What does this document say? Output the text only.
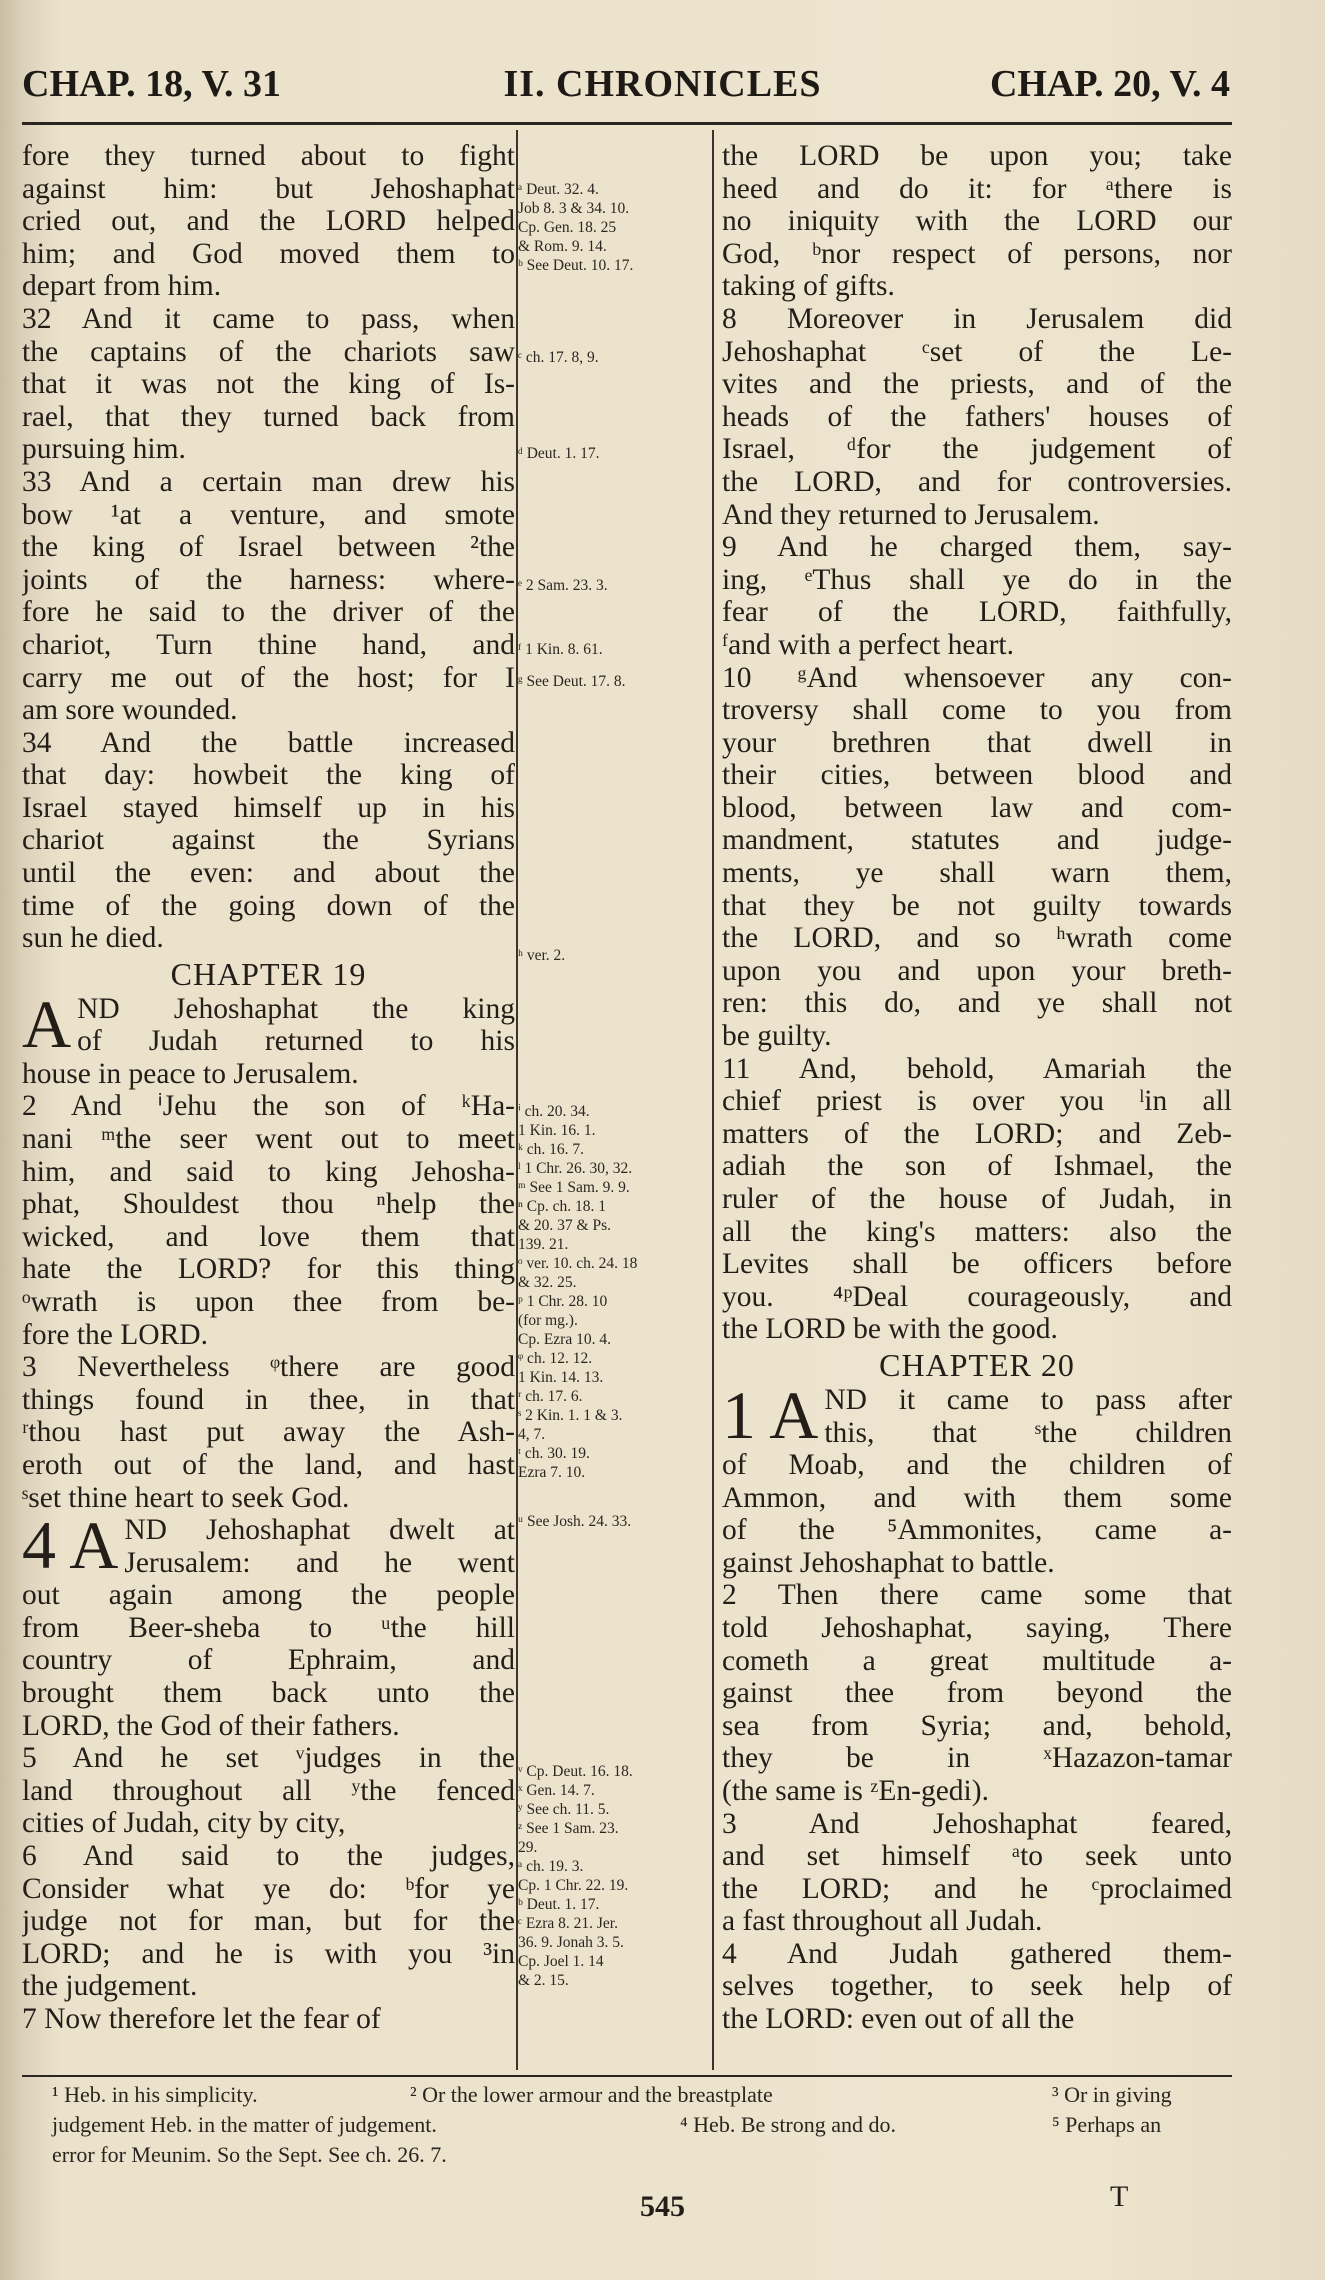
CHAP. 18, V. 31	II. CHRONICLES	CHAP. 20, V. 4
fore they turned about to fight
against him: but Jehoshaphat
cried out, and the LORD helped
him; and God moved them to
depart from him.
32 And it came to pass, when
the captains of the chariots saw
that it was not the king of Is-
rael, that they turned back from
pursuing him.
33 And a certain man drew his
bow ¹at a venture, and smote
the king of Israel between ²the
joints of the harness: where-
fore he said to the driver of the
chariot, Turn thine hand, and
carry me out of the host; for I
am sore wounded.
34 And the battle increased
that day: howbeit the king of
Israel stayed himself up in his
chariot against the Syrians
until the even: and about the
time of the going down of the
sun he died.
CHAPTER 19
A ND Jehoshaphat the king
of Judah returned to his
house in peace to Jerusalem.
2 And ⁱJehu the son of ᵏHa-
nani ᵐthe seer went out to meet
him, and said to king Jehosha-
phat, Shouldest thou ⁿhelp the
wicked, and love them that
hate the LORD? for this thing
ᵒwrath is upon thee from be-
fore the LORD.
3 Nevertheless ᵠthere are good
things found in thee, in that
ʳthou hast put away the Ash-
eroth out of the land, and hast
ˢset thine heart to seek God.
4 A ND Jehoshaphat dwelt at
Jerusalem: and he went
out again among the people
from Beer-sheba to ᵘthe hill
country of Ephraim, and
brought them back unto the
LORD, the God of their fathers.
5 And he set ᵛjudges in the
land throughout all ʸthe fenced
cities of Judah, city by city,
6 And said to the judges,
Consider what ye do: ᵇfor ye
judge not for man, but for the
LORD; and he is with you ³in
the judgement.
7 Now therefore let the fear of
ᵃ Deut. 32. 4.
Job 8. 3 & 34. 10.
Cp. Gen. 18. 25
& Rom. 9. 14.
ᵇ See Deut. 10. 17.
ᶜ ch. 17. 8, 9.
ᵈ Deut. 1. 17.
ᵉ 2 Sam. 23. 3.
ᶠ 1 Kin. 8. 61.
ᵍ See Deut. 17. 8.
ʰ ver. 2.
ⁱ ch. 20. 34.
1 Kin. 16. 1.
ᵏ ch. 16. 7.
ˡ 1 Chr. 26. 30, 32.
ᵐ See 1 Sam. 9. 9.
ⁿ Cp. ch. 18. 1
& 20. 37 & Ps.
139. 21.
ᵒ ver. 10. ch. 24. 18
& 32. 25.
ᵖ 1 Chr. 28. 10
(for mg.).
Cp. Ezra 10. 4.
ᵠ ch. 12. 12.
1 Kin. 14. 13.
ʳ ch. 17. 6.
ˢ 2 Kin. 1. 1 & 3.
4, 7.
ᵗ ch. 30. 19.
Ezra 7. 10.
ᵘ See Josh. 24. 33.
ᵛ Cp. Deut. 16. 18.
ˣ Gen. 14. 7.
ʸ See ch. 11. 5.
ᶻ See 1 Sam. 23.
29.
ᵃ ch. 19. 3.
Cp. 1 Chr. 22. 19.
ᵇ Deut. 1. 17.
ᶜ Ezra 8. 21. Jer.
36. 9. Jonah 3. 5.
Cp. Joel 1. 14
& 2. 15.
the LORD be upon you; take
heed and do it: for ᵃthere is
no iniquity with the LORD our
God, ᵇnor respect of persons, nor
taking of gifts.
8 Moreover in Jerusalem did
Jehoshaphat ᶜset of the Le-
vites and the priests, and of the
heads of the fathers' houses of
Israel, ᵈfor the judgement of
the LORD, and for controversies.
And they returned to Jerusalem.
9 And he charged them, say-
ing, ᵉThus shall ye do in the
fear of the LORD, faithfully,
ᶠand with a perfect heart.
10 ᵍAnd whensoever any con-
troversy shall come to you from
your brethren that dwell in
their cities, between blood and
blood, between law and com-
mandment, statutes and judge-
ments, ye shall warn them,
that they be not guilty towards
the LORD, and so ʰwrath come
upon you and upon your breth-
ren: this do, and ye shall not
be guilty.
11 And, behold, Amariah the
chief priest is over you ˡin all
matters of the LORD; and Zeb-
adiah the son of Ishmael, the
ruler of the house of Judah, in
all the king's matters: also the
Levites shall be officers before
you. ⁴ᵖDeal courageously, and
the LORD be with the good.
CHAPTER 20
1 A ND it came to pass after
this, that ˢthe children
of Moab, and the children of
Ammon, and with them some
of the ⁵Ammonites, came a-
gainst Jehoshaphat to battle.
2 Then there came some that
told Jehoshaphat, saying, There
cometh a great multitude a-
gainst thee from beyond the
sea from Syria; and, behold,
they be in ˣHazazon-tamar
(the same is ᶻEn-gedi).
3 And Jehoshaphat feared,
and set himself ᵃto seek unto
the LORD; and he ᶜproclaimed
a fast throughout all Judah.
4 And Judah gathered them-
selves together, to seek help of
the LORD: even out of all the
¹ Heb. in his simplicity.	² Or the lower armour and the breastplate	³ Or in giving
judgement Heb. in the matter of judgement.	⁴ Heb. Be strong and do.	⁵ Perhaps an
error for Meunim. So the Sept. See ch. 26. 7.
545	T
